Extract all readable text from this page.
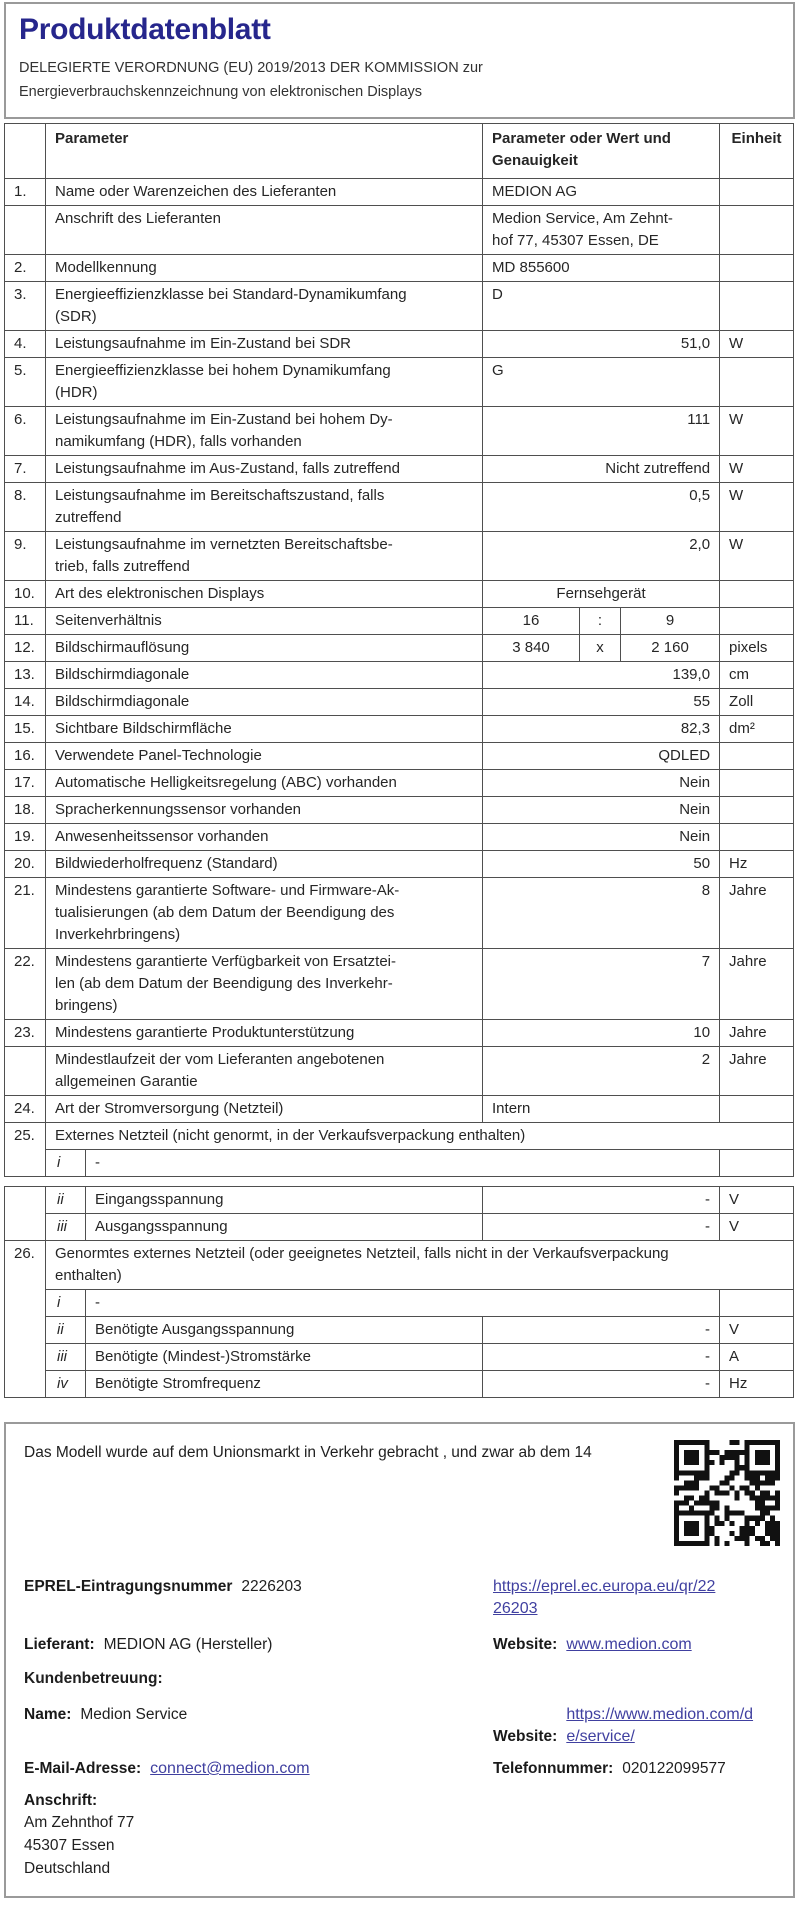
Produktdatenblatt
DELEGIERTE VERORDNUNG (EU) 2019/2013 DER KOMMISSION zur
Energieverbrauchskennzeichnung von elektronischen Displays
	Parameter		Parameter oder Wert und
Genauigkeit			Einheit
1.	Name oder Warenzeichen des Lieferanten		MEDION AG			
	Anschrift des Lieferanten		Medion Service, Am Zehnt-
hof 77, 45307 Essen, DE			
2.	Modellkennung		MD 855600			
3.	Energieeffizienzklasse bei Standard-Dynamikumfang
(SDR)		D			
4.	Leistungsaufnahme im Ein-Zustand bei SDR		51,0			W
5.	Energieeffizienzklasse bei hohem Dynamikumfang
(HDR)		G			
6.	Leistungsaufnahme im Ein-Zustand bei hohem Dy-
namikumfang (HDR), falls vorhanden		111			W
7.	Leistungsaufnahme im Aus-Zustand, falls zutreffend		Nicht zutreffend			W
8.	Leistungsaufnahme im Bereitschaftszustand, falls
zutreffend		0,5			W
9.	Leistungsaufnahme im vernetzten Bereitschaftsbe-
trieb, falls zutreffend		2,0			W
10.	Art des elektronischen Displays		Fernsehgerät			
11.	Seitenverhältnis		16	:	9	
12.	Bildschirmauflösung		3 840	x	2 160	pixels
13.	Bildschirmdiagonale		139,0			cm
14.	Bildschirmdiagonale		55			Zoll
15.	Sichtbare Bildschirmfläche		82,3			dm²
16.	Verwendete Panel-Technologie		QDLED			
17.	Automatische Helligkeitsregelung (ABC) vorhanden		Nein			
18.	Spracherkennungssensor vorhanden		Nein			
19.	Anwesenheitssensor vorhanden		Nein			
20.	Bildwiederholfrequenz (Standard)		50			Hz
21.	Mindestens garantierte Software- und Firmware-Ak-
tualisierungen (ab dem Datum der Beendigung des
Inverkehrbringens)		8			Jahre
22.	Mindestens garantierte Verfügbarkeit von Ersatztei-
len (ab dem Datum der Beendigung des Inverkehr-
bringens)		7			Jahre
23.	Mindestens garantierte Produktunterstützung		10			Jahre
	Mindestlaufzeit der vom Lieferanten angebotenen
allgemeinen Garantie		2			Jahre
24.	Art der Stromversorgung (Netzteil)		Intern			
25.	Externes Netzteil (nicht genormt, in der Verkaufsverpackung enthalten)					
	i	-				
	ii	Eingangsspannung	-	V
	iii	Ausgangsspannung	-	V
26.	Genormtes externes Netzteil (oder geeignetes Netzteil, falls nicht in der Verkaufsverpackung
enthalten)			
	i	-		
	ii	Benötigte Ausgangsspannung	-	V
	iii	Benötigte (Mindest-)Stromstärke	-	A
	iv	Benötigte Stromfrequenz	-	Hz
Das Modell wurde auf dem Unionsmarkt in Verkehr gebracht , und zwar ab dem 14
EPREL-Eintragungsnummer 2226203	https://eprel.ec.europa.eu/qr/22
26203
Lieferant: MEDION AG (Hersteller)	Website: www.medion.com
Kundenbetreuung:
Name: Medion Service
Website:https://www.medion.com/d
e/service/
E-Mail-Adresse: connect@medion.com	Telefonnummer: 020122099577
Anschrift:
Am Zehnthof 77
45307 Essen
Deutschland
